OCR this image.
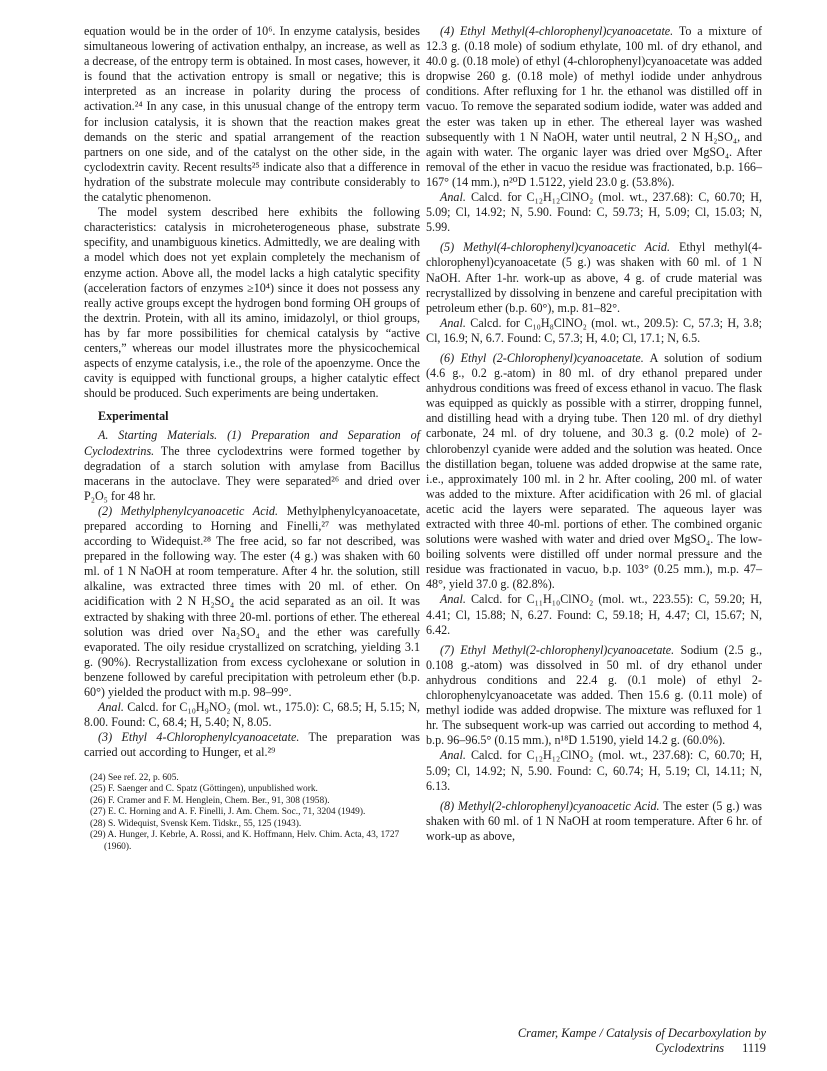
equation would be in the order of 10⁶. In enzyme catalysis, besides simultaneous lowering of activation enthalpy, an increase, as well as a decrease, of the entropy term is obtained. In most cases, however, it is found that the activation entropy is small or negative; this is interpreted as an increase in polarity during the process of activation.²⁴ In any case, in this unusual change of the entropy term for inclusion catalysis, it is shown that the reaction makes great demands on the steric and spatial arrangement of the reaction partners on one side, and of the catalyst on the other side, in the cyclodextrin cavity. Recent results²⁵ indicate also that a difference in hydration of the substrate molecule may contribute considerably to the catalytic phenomenon.

The model system described here exhibits the following characteristics: catalysis in microheterogeneous phase, substrate specifity, and unambiguous kinetics. Admittedly, we are dealing with a model which does not yet explain completely the mechanism of enzyme action. Above all, the model lacks a high catalytic specifity (acceleration factors of enzymes ≥10⁴) since it does not possess any really active groups except the hydrogen bond forming OH groups of the dextrin. Protein, with all its amino, imidazolyl, or thiol groups, has by far more possibilities for chemical catalysis by “active centers,” whereas our model illustrates more the physicochemical aspects of enzyme catalysis, i.e., the role of the apoenzyme. Once the cavity is equipped with functional groups, a higher catalytic effect should be produced. Such experiments are being undertaken.

Experimental

A. Starting Materials. (1) Preparation and Separation of Cyclodextrins. The three cyclodextrins were formed together by degradation of a starch solution with amylase from Bacillus macerans in the autoclave. They were separated²⁶ and dried over P₂O₅ for 48 hr.

(2) Methylphenylcyanoacetic Acid. Methylphenylcyanoacetate, prepared according to Horning and Finelli,²⁷ was methylated according to Widequist.²⁸ The free acid, so far not described, was prepared in the following way. The ester (4 g.) was shaken with 60 ml. of 1 N NaOH at room temperature. After 4 hr. the solution, still alkaline, was extracted three times with 20 ml. of ether. On acidification with 2 N H₂SO₄ the acid separated as an oil. It was extracted by shaking with three 20-ml. portions of ether. The ethereal solution was dried over Na₂SO₄ and the ether was carefully evaporated. The oily residue crystallized on scratching, yielding 3.1 g. (90%). Recrystallization from excess cyclohexane or solution in benzene followed by careful precipitation with petroleum ether (b.p. 60°) yielded the product with m.p. 98–99°.

Anal. Calcd. for C₁₀H₉NO₂ (mol. wt., 175.0): C, 68.5; H, 5.15; N, 8.00. Found: C, 68.4; H, 5.40; N, 8.05.

(3) Ethyl 4-Chlorophenylcyanoacetate. The preparation was carried out according to Hunger, et al.²⁹

(24) See ref. 22, p. 605.
(25) F. Saenger and C. Spatz (Göttingen), unpublished work.
(26) F. Cramer and F. M. Henglein, Chem. Ber., 91, 308 (1958).
(27) E. C. Horning and A. F. Finelli, J. Am. Chem. Soc., 71, 3204 (1949).
(28) S. Widequist, Svensk Kem. Tidskr., 55, 125 (1943).
(29) A. Hunger, J. Kebrle, A. Rossi, and K. Hoffmann, Helv. Chim. Acta, 43, 1727 (1960).

(4) Ethyl Methyl(4-chlorophenyl)cyanoacetate. To a mixture of 12.3 g. (0.18 mole) of sodium ethylate, 100 ml. of dry ethanol, and 40.0 g. (0.18 mole) of ethyl (4-chlorophenyl)cyanoacetate was added dropwise 260 g. (0.18 mole) of methyl iodide under anhydrous conditions. After refluxing for 1 hr. the ethanol was distilled off in vacuo. To remove the separated sodium iodide, water was added and the ester was taken up in ether. The ethereal layer was washed subsequently with 1 N NaOH, water until neutral, 2 N H₂SO₄, and again with water. The organic layer was dried over MgSO₄. After removal of the ether in vacuo the residue was fractionated, b.p. 166–167° (14 mm.), n²⁰D 1.5122, yield 23.0 g. (53.8%).

Anal. Calcd. for C₁₂H₁₂ClNO₂ (mol. wt., 237.68): C, 60.70; H, 5.09; Cl, 14.92; N, 5.90. Found: C, 59.73; H, 5.09; Cl, 15.03; N, 5.99.

(5) Methyl(4-chlorophenyl)cyanoacetic Acid. Ethyl methyl(4-chlorophenyl)cyanoacetate (5 g.) was shaken with 60 ml. of 1 N NaOH. After 1-hr. work-up as above, 4 g. of crude material was recrystallized by dissolving in benzene and careful precipitation with petroleum ether (b.p. 60°), m.p. 81–82°.

Anal. Calcd. for C₁₀H₈ClNO₂ (mol. wt., 209.5): C, 57.3; H, 3.8; Cl, 16.9; N, 6.7. Found: C, 57.3; H, 4.0; Cl, 17.1; N, 6.5.

(6) Ethyl (2-Chlorophenyl)cyanoacetate. A solution of sodium (4.6 g., 0.2 g.-atom) in 80 ml. of dry ethanol prepared under anhydrous conditions was freed of excess ethanol in vacuo. The flask was equipped as quickly as possible with a stirrer, dropping funnel, and distilling head with a drying tube. Then 120 ml. of dry diethyl carbonate, 24 ml. of dry toluene, and 30.3 g. (0.2 mole) of 2-chlorobenzyl cyanide were added and the solution was heated. Once the distillation began, toluene was added dropwise at the same rate, i.e., approximately 100 ml. in 2 hr. After cooling, 200 ml. of water was added to the mixture. After acidification with 26 ml. of glacial acetic acid the layers were separated. The aqueous layer was extracted with three 40-ml. portions of ether. The combined organic solutions were washed with water and dried over MgSO₄. The low-boiling solvents were distilled off under normal pressure and the residue was fractionated in vacuo, b.p. 103° (0.25 mm.), m.p. 47–48°, yield 37.0 g. (82.8%).

Anal. Calcd. for C₁₁H₁₀ClNO₂ (mol. wt., 223.55): C, 59.20; H, 4.41; Cl, 15.88; N, 6.27. Found: C, 59.18; H, 4.47; Cl, 15.67; N, 6.42.

(7) Ethyl Methyl(2-chlorophenyl)cyanoacetate. Sodium (2.5 g., 0.108 g.-atom) was dissolved in 50 ml. of dry ethanol under anhydrous conditions and 22.4 g. (0.1 mole) of ethyl 2-chlorophenylcyanoacetate was added. Then 15.6 g. (0.11 mole) of methyl iodide was added dropwise. The mixture was refluxed for 1 hr. The subsequent work-up was carried out according to method 4, b.p. 96–96.5° (0.15 mm.), n¹⁸D 1.5190, yield 14.2 g. (60.0%).

Anal. Calcd. for C₁₂H₁₂ClNO₂ (mol. wt., 237.68): C, 60.70; H, 5.09; Cl, 14.92; N, 5.90. Found: C, 60.74; H, 5.19; Cl, 14.11; N, 6.13.

(8) Methyl(2-chlorophenyl)cyanoacetic Acid. The ester (5 g.) was shaken with 60 ml. of 1 N NaOH at room temperature. After 6 hr. of work-up as above,

Cramer, Kampe / Catalysis of Decarboxylation by Cyclodextrins 1119
